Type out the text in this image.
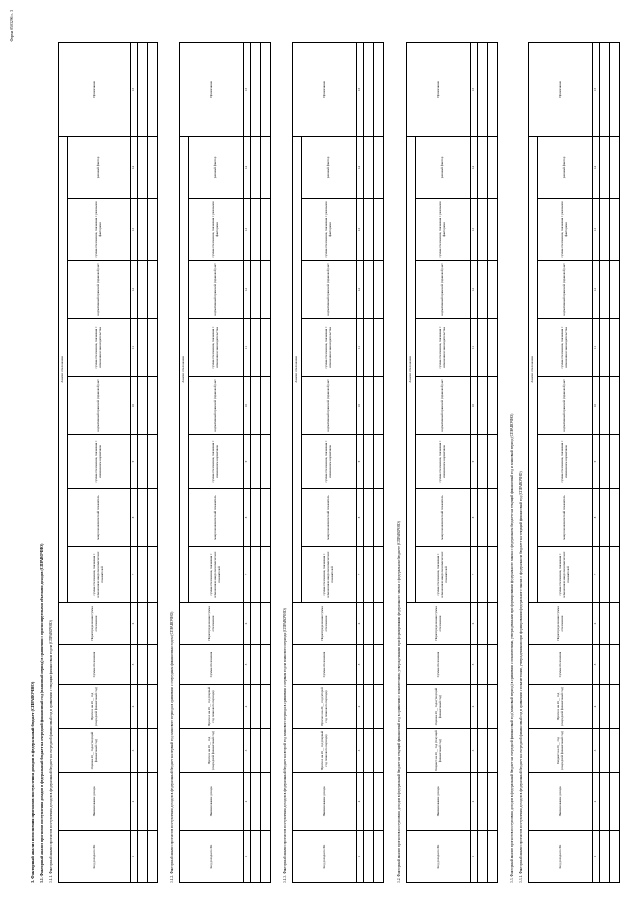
Форма 0503296 с. 3
3. Факторный анализ исполнения прогнозов поступления доходов в федеральный бюджет (СПРАВОЧНО) 3.1. Факторный анализ прогнозов поступления доходов в федеральный бюджет на очередной финансовый год (плановый период) в сравнении с прогнозируемыми объемами доходов (СПРАВОЧНО) 3.1.1. Факторный анализ прогнозов поступления доходов в федеральный бюджет на очередной финансовый год в сравнении с текущим финансовым годом (СПРАВОЧНО)	Код дохода по БК	Наименование дохода	Оценка 20__ года (текущий финансовый год)	Прогноз на 20__ год (очередной финансовый год)	Сумма отклонения	Нераспределенная сумма отклонения	Анализ отклонения								Примечание
						сумма отклонения, связанная с изменением макроэкономических показателей	макроэкономический показатель	сумма отклонения, связанная с изменением нормативов	нормативный правовой (правовой) акт	сумма отклонения, связанная с изменением законодательства	нормативный правовой (правовой) акт	сумма отклонения, связанная с разовыми факторами	разовый фактор	
1	2	3	4	5	6	7	8	9	10	11	12	13	14	15

3.1.2. Факторный анализ прогнозов поступления доходов в федеральный бюджет на первый год планового периода в сравнении с очередным финансовым годом (СПРАВОЧНО)	Код дохода по БК	Наименование дохода	Прогноз на 20__ год (очередной финансовый год)	Прогноз на 20__ год (первый год планового периода)	Сумма отклонения	Нераспределенная сумма отклонения	Анализ отклонения								Примечание
						сумма отклонения, связанная с изменением макроэкономических показателей	макроэкономический показатель	сумма отклонения, связанная с изменением нормативов	нормативный правовой (правовой) акт	сумма отклонения, связанная с изменением законодательства	нормативный правовой (правовой) акт	сумма отклонения, связанная с разовыми факторами	разовый фактор	
1	2	3	4	5	6	7	8	9	10	11	12	13	14	15

3.1.3. Факторный анализ прогнозов поступления доходов в федеральный бюджет на второй год планового периода в сравнении с первым годом планового периода (СПРАВОЧНО)	Код дохода по БК	Наименование дохода	Прогноз на 20__ год (первый год планового периода)	Прогноз на 20__ год (второй год планового периода)	Сумма отклонения	Нераспределенная сумма отклонения	Анализ отклонения								Примечание
						сумма отклонения, связанная с изменением макроэкономических показателей	макроэкономический показатель	сумма отклонения, связанная с изменением нормативов	нормативный правовой (правовой) акт	сумма отклонения, связанная с изменением законодательства	нормативный правовой (правовой) акт	сумма отклонения, связанная с разовыми факторами	разовый фактор	
1	2	3	4	5	6	7	8	9	10	11	12	13	14	15

3.2. Факторный анализ прогнозов поступления доходов в федеральный бюджет на текущий финансовый год в сравнении с показателями, утвержденными при формировании федерального закона о федеральном бюджете (СПРАВОЧНО)	Код дохода по БК	Наименование дохода	Бюджет на 20__ год (текущий финансовый год)	Оценка 20__ года (текущий финансовый год)	Сумма отклонения	Нераспределенная сумма отклонения	Анализ отклонения								Примечание
						сумма отклонения, связанная с изменением макроэкономических показателей	макроэкономический показатель	сумма отклонения, связанная с изменением нормативов	нормативный правовой (правовой) акт	сумма отклонения, связанная с изменением законодательства	нормативный правовой (правовой) акт	сумма отклонения, связанная с разовыми факторами	разовый фактор	
1	2	3	4	5	6	7	8	9	10	11	12	13	14	15

3.3. Факторный анализ прогнозов поступления доходов в федеральный бюджет на очередной финансовый год (плановый период) в сравнении с показателями, утвержденными при формировании федерального закона о федеральном бюджете на текущий финансовый год и плановый период (СПРАВОЧНО) 3.3.1. Факторный анализ прогнозов поступления доходов в федеральный бюджет на очередной финансовый год в сравнении с показателями, утвержденными при формировании федерального закона о федеральном бюджете на текущий финансовый год (СПРАВОЧНО)	Код дохода по БК	Наименование дохода	Бюджет на 20__ год (очередной финансовый год)	Прогноз на 20__ год (очередной финансовый год)	Сумма отклонения	Нераспределенная сумма отклонения	Анализ отклонения								Примечание
						сумма отклонения, связанная с изменением макроэкономических показателей	макроэкономический показатель	сумма отклонения, связанная с изменением нормативов	нормативный правовой (правовой) акт	сумма отклонения, связанная с изменением законодательства	нормативный правовой (правовой) акт	сумма отклонения, связанная с разовыми факторами	разовый фактор	
1	2	3	4	5	6	7	8	9	10	11	12	13	14	15
